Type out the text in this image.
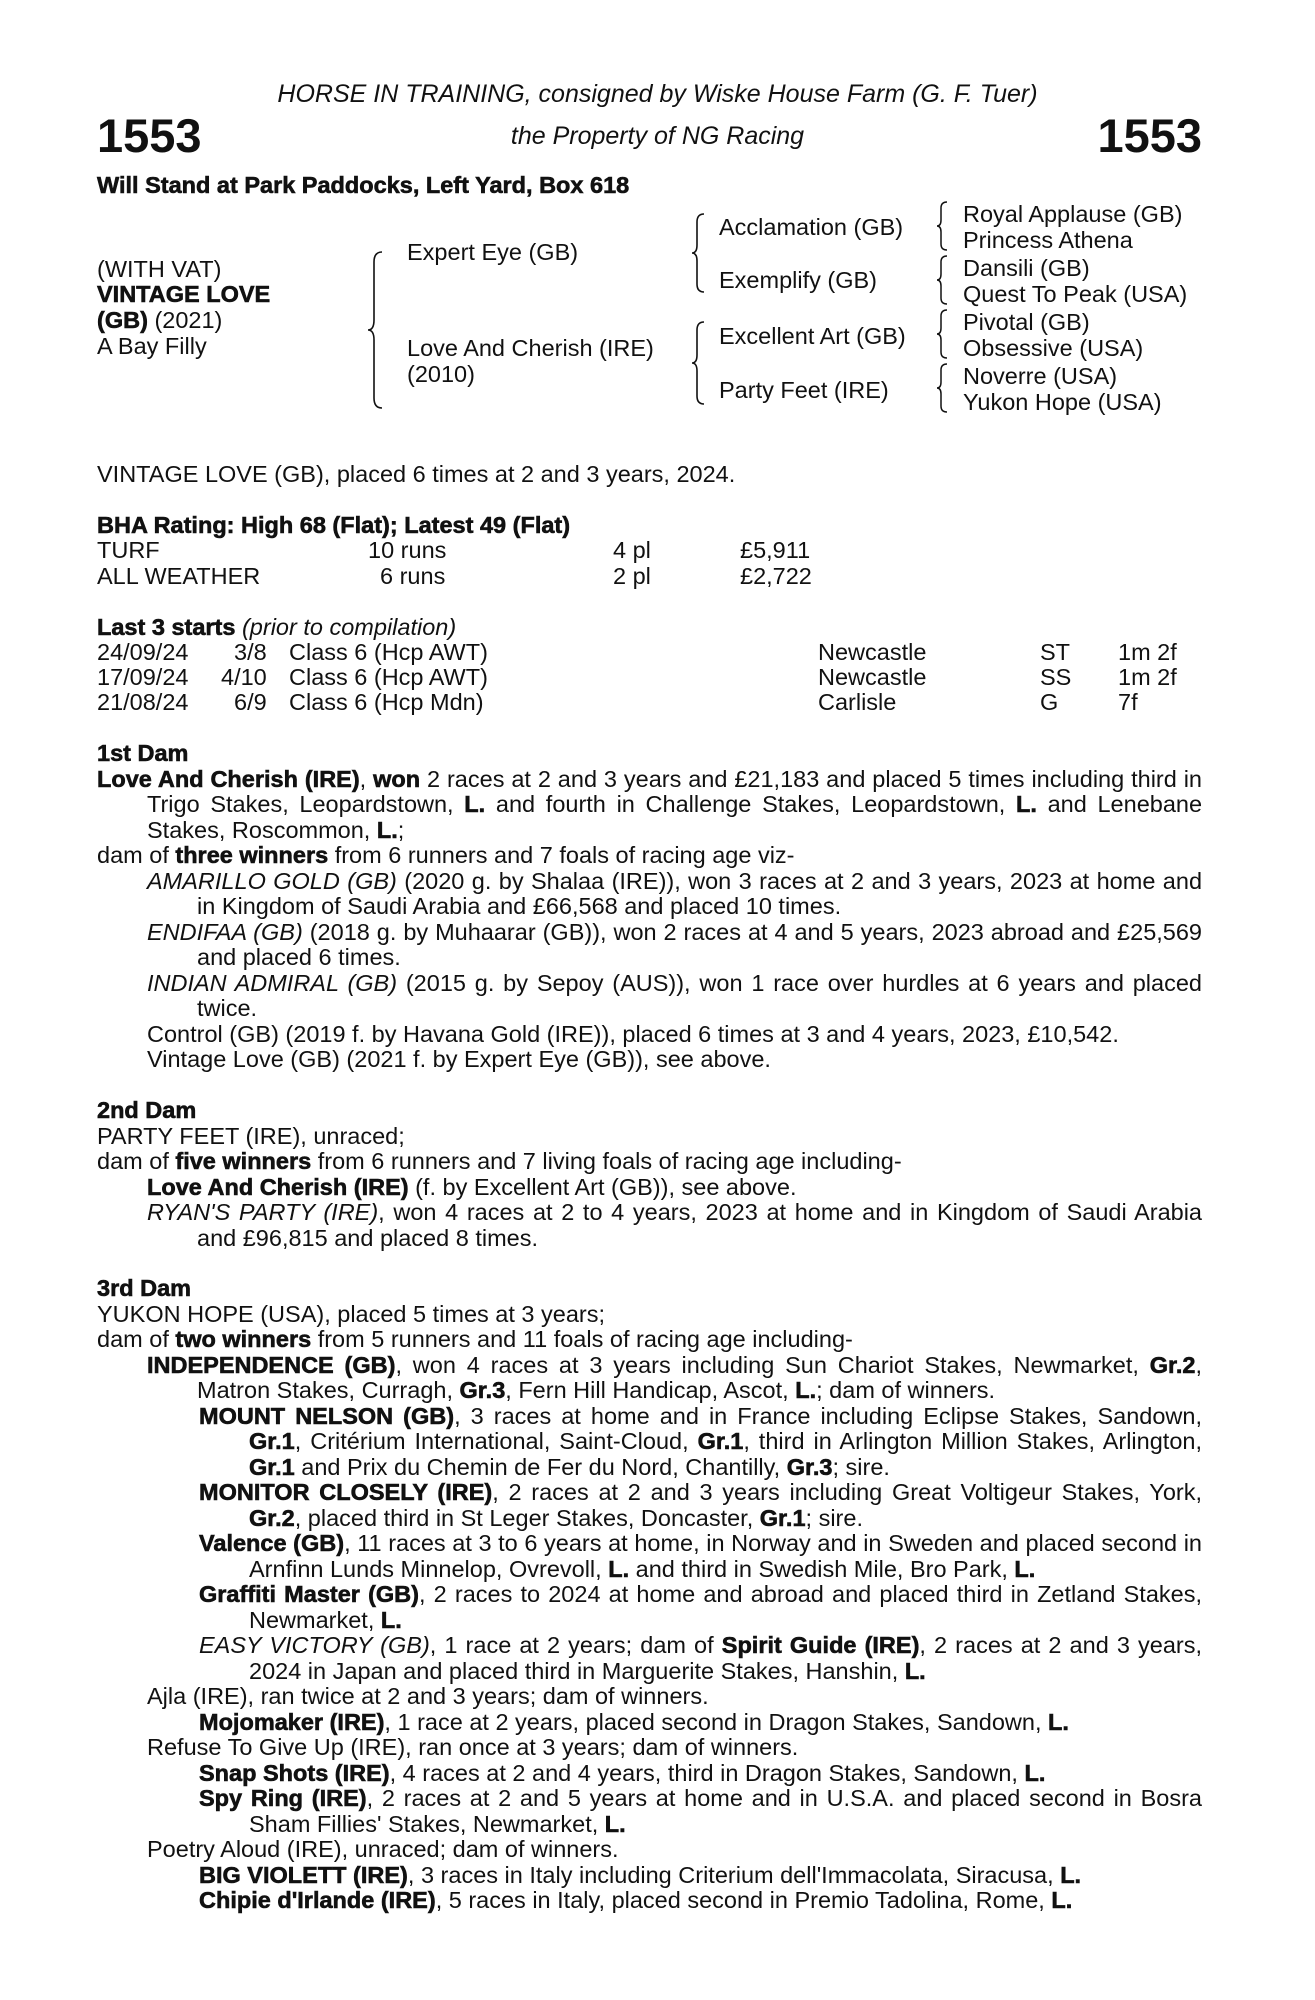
HORSE IN TRAINING, consigned by Wiske House Farm (G. F. Tuer)
the Property of NG Racing
1553	1553
Will Stand at Park Paddocks, Left Yard, Box 618
(WITH VAT)
VINTAGE LOVE
(GB) (2021)
A Bay Filly
Expert Eye (GB)
Love And Cherish (IRE)
(2010)
Acclamation (GB)
Exemplify (GB)
Excellent Art (GB)
Party Feet (IRE)
Royal Applause (GB)
Princess Athena
Dansili (GB)
Quest To Peak (USA)
Pivotal (GB)
Obsessive (USA)
Noverre (USA)
Yukon Hope (USA)
VINTAGE LOVE (GB), placed 6 times at 2 and 3 years, 2024.
BHA Rating: High 68 (Flat); Latest 49 (Flat)
TURF	10 runs	4 pl	£5,911
ALL WEATHER	6 runs	2 pl	£2,722
Last 3 starts (prior to compilation)
24/09/24 3/8 Class 6 (Hcp AWT)	Newcastle	ST 1m 2f
17/09/24 4/10 Class 6 (Hcp AWT)	Newcastle	SS 1m 2f
21/08/24 6/9 Class 6 (Hcp Mdn)	Carlisle	G	7f
1st Dam
Love And Cherish (IRE), won 2 races at 2 and 3 years and £21,183 and placed 5 times including third in Trigo Stakes, Leopardstown, L. and fourth in Challenge Stakes, Leopardstown, L. and Lenebane Stakes, Roscommon, L.;
dam of three winners from 6 runners and 7 foals of racing age viz-
AMARILLO GOLD (GB) (2020 g. by Shalaa (IRE)), won 3 races at 2 and 3 years, 2023 at home and in Kingdom of Saudi Arabia and £66,568 and placed 10 times.
ENDIFAA (GB) (2018 g. by Muhaarar (GB)), won 2 races at 4 and 5 years, 2023 abroad and £25,569 and placed 6 times.
INDIAN ADMIRAL (GB) (2015 g. by Sepoy (AUS)), won 1 race over hurdles at 6 years and placed twice.
Control (GB) (2019 f. by Havana Gold (IRE)), placed 6 times at 3 and 4 years, 2023, £10,542.
Vintage Love (GB) (2021 f. by Expert Eye (GB)), see above.
2nd Dam
PARTY FEET (IRE), unraced;
dam of five winners from 6 runners and 7 living foals of racing age including-
Love And Cherish (IRE) (f. by Excellent Art (GB)), see above.
RYAN'S PARTY (IRE), won 4 races at 2 to 4 years, 2023 at home and in Kingdom of Saudi Arabia and £96,815 and placed 8 times.
3rd Dam
YUKON HOPE (USA), placed 5 times at 3 years;
dam of two winners from 5 runners and 11 foals of racing age including-
INDEPENDENCE (GB), won 4 races at 3 years including Sun Chariot Stakes, Newmarket, Gr.2, Matron Stakes, Curragh, Gr.3, Fern Hill Handicap, Ascot, L.; dam of winners.
MOUNT NELSON (GB), 3 races at home and in France including Eclipse Stakes, Sandown, Gr.1, Critérium International, Saint-Cloud, Gr.1, third in Arlington Million Stakes, Arlington, Gr.1 and Prix du Chemin de Fer du Nord, Chantilly, Gr.3; sire.
MONITOR CLOSELY (IRE), 2 races at 2 and 3 years including Great Voltigeur Stakes, York, Gr.2, placed third in St Leger Stakes, Doncaster, Gr.1; sire.
Valence (GB), 11 races at 3 to 6 years at home, in Norway and in Sweden and placed second in Arnfinn Lunds Minnelop, Ovrevoll, L. and third in Swedish Mile, Bro Park, L.
Graffiti Master (GB), 2 races to 2024 at home and abroad and placed third in Zetland Stakes, Newmarket, L.
EASY VICTORY (GB), 1 race at 2 years; dam of Spirit Guide (IRE), 2 races at 2 and 3 years, 2024 in Japan and placed third in Marguerite Stakes, Hanshin, L.
Ajla (IRE), ran twice at 2 and 3 years; dam of winners.
Mojomaker (IRE), 1 race at 2 years, placed second in Dragon Stakes, Sandown, L.
Refuse To Give Up (IRE), ran once at 3 years; dam of winners.
Snap Shots (IRE), 4 races at 2 and 4 years, third in Dragon Stakes, Sandown, L.
Spy Ring (IRE), 2 races at 2 and 5 years at home and in U.S.A. and placed second in Bosra Sham Fillies' Stakes, Newmarket, L.
Poetry Aloud (IRE), unraced; dam of winners.
BIG VIOLETT (IRE), 3 races in Italy including Criterium dell'Immacolata, Siracusa, L.
Chipie d'Irlande (IRE), 5 races in Italy, placed second in Premio Tadolina, Rome, L.
